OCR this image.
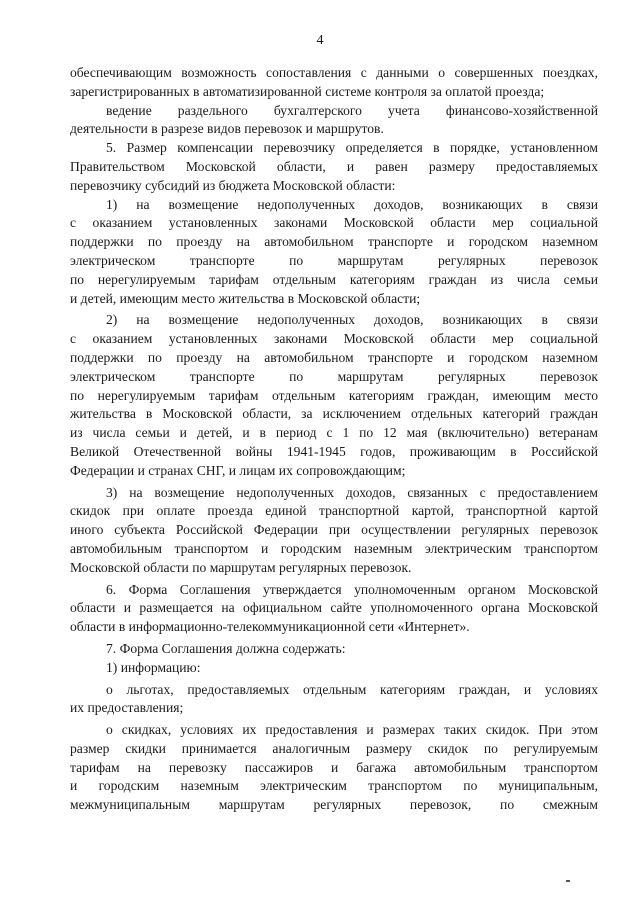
4
обеспечивающим возможность сопоставления с данными о совершенных поездках,
зарегистрированных в автоматизированной системе контроля за оплатой проезда;
ведение раздельного бухгалтерского учета финансово-хозяйственной
деятельности в разрезе видов перевозок и маршрутов.
5. Размер компенсации перевозчику определяется в порядке, установленном
Правительством Московской области, и равен размеру предоставляемых
перевозчику субсидий из бюджета Московской области:
1) на возмещение недополученных доходов, возникающих в связи
с оказанием установленных законами Московской области мер социальной
поддержки по проезду на автомобильном транспорте и городском наземном
электрическом транспорте по маршрутам регулярных перевозок
по нерегулируемым тарифам отдельным категориям граждан из числа семьи
и детей, имеющим место жительства в Московской области;
2) на возмещение недополученных доходов, возникающих в связи
с оказанием установленных законами Московской области мер социальной
поддержки по проезду на автомобильном транспорте и городском наземном
электрическом транспорте по маршрутам регулярных перевозок
по нерегулируемым тарифам отдельным категориям граждан, имеющим место
жительства в Московской области, за исключением отдельных категорий граждан
из числа семьи и детей, и в период с 1 по 12 мая (включительно) ветеранам
Великой Отечественной войны 1941-1945 годов, проживающим в Российской
Федерации и странах СНГ, и лицам их сопровождающим;
3) на возмещение недополученных доходов, связанных с предоставлением
скидок при оплате проезда единой транспортной картой, транспортной картой
иного субъекта Российской Федерации при осуществлении регулярных перевозок
автомобильным транспортом и городским наземным электрическим транспортом
Московской области по маршрутам регулярных перевозок.
6. Форма Соглашения утверждается уполномоченным органом Московской
области и размещается на официальном сайте уполномоченного органа Московской
области в информационно-телекоммуникационной сети «Интернет».
7. Форма Соглашения должна содержать:
1) информацию:
о льготах, предоставляемых отдельным категориям граждан, и условиях
их предоставления;
о скидках, условиях их предоставления и размерах таких скидок. При этом
размер скидки принимается аналогичным размеру скидок по регулируемым
тарифам на перевозку пассажиров и багажа автомобильным транспортом
и городским наземным электрическим транспортом по муниципальным,
межмуниципальным маршрутам регулярных перевозок, по смежным
